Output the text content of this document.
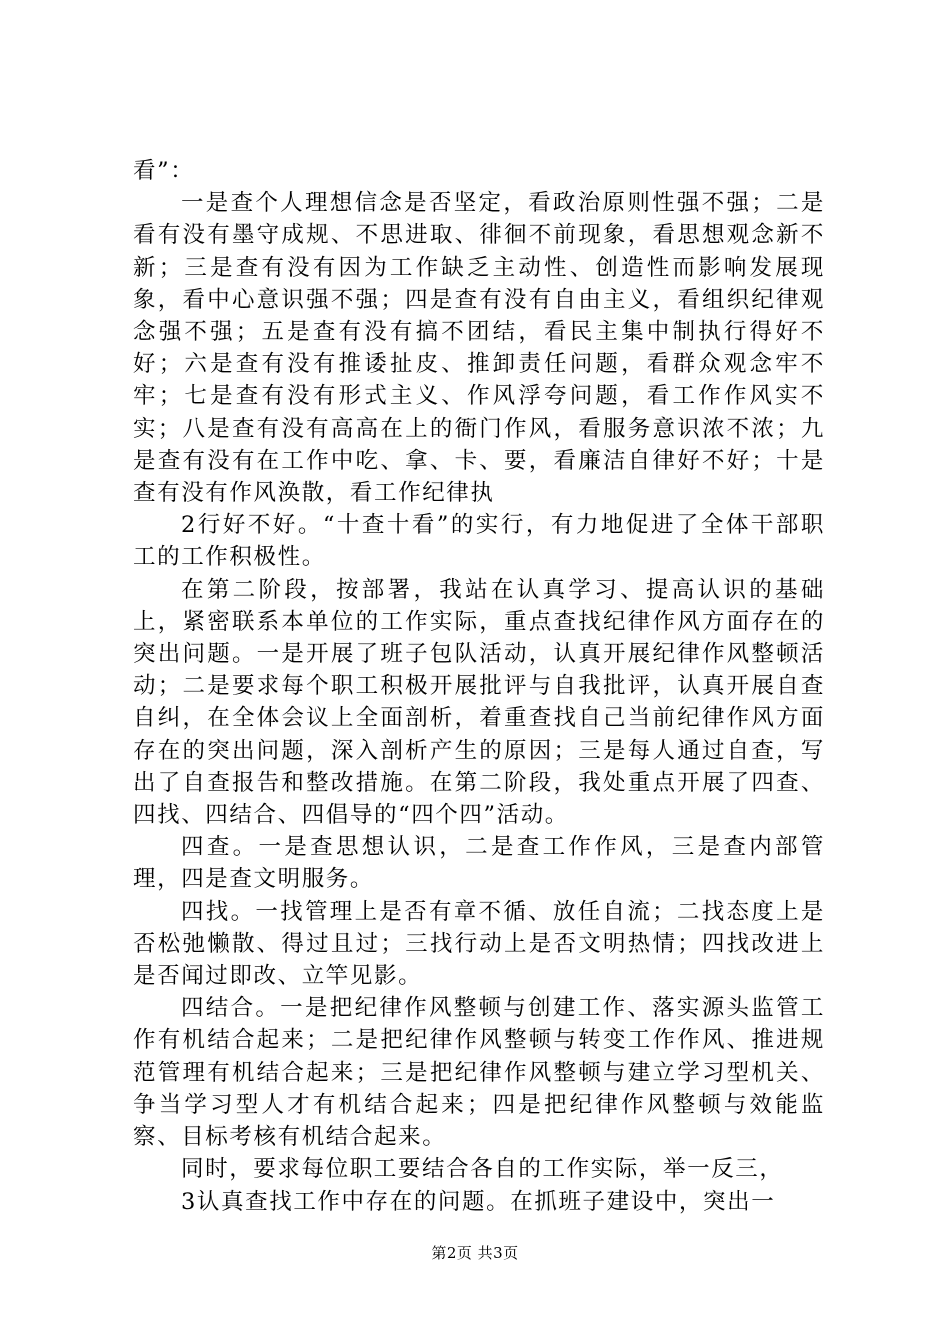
看”：

一是查个人理想信念是否坚定，看政治原则性强不强；二是看有没有墨守成规、不思进取、徘徊不前现象，看思想观念新不新；三是查有没有因为工作缺乏主动性、创造性而影响发展现象，看中心意识强不强；四是查有没有自由主义，看组织纪律观念强不强；五是查有没有搞不团结，看民主集中制执行得好不好；六是查有没有推诿扯皮、推卸责任问题，看群众观念牢不牢；七是查有没有形式主义、作风浮夸问题，看工作作风实不实；八是查有没有高高在上的衙门作风，看服务意识浓不浓；九是查有没有在工作中吃、拿、卡、要，看廉洁自律好不好；十是查有没有作风涣散，看工作纪律执

2行好不好。“十查十看”的实行，有力地促进了全体干部职工的工作积极性。

在第二阶段，按部署，我站在认真学习、提高认识的基础上，紧密联系本单位的工作实际，重点查找纪律作风方面存在的突出问题。一是开展了班子包队活动，认真开展纪律作风整顿活动；二是要求每个职工积极开展批评与自我批评，认真开展自查自纠，在全体会议上全面剖析，着重查找自己当前纪律作风方面存在的突出问题，深入剖析产生的原因；三是每人通过自查，写出了自查报告和整改措施。在第二阶段，我处重点开展了四查、四找、四结合、四倡导的“四个四”活动。

四查。一是查思想认识，二是查工作作风，三是查内部管理，四是查文明服务。

四找。一找管理上是否有章不循、放任自流；二找态度上是否松弛懒散、得过且过；三找行动上是否文明热情；四找改进上是否闻过即改、立竿见影。

四结合。一是把纪律作风整顿与创建工作、落实源头监管工作有机结合起来；二是把纪律作风整顿与转变工作作风、推进规范管理有机结合起来；三是把纪律作风整顿与建立学习型机关、争当学习型人才有机结合起来；四是把纪律作风整顿与效能监察、目标考核有机结合起来。

同时，要求每位职工要结合各自的工作实际，举一反三，

3认真查找工作中存在的问题。在抓班子建设中，突出一

第2页 共3页
